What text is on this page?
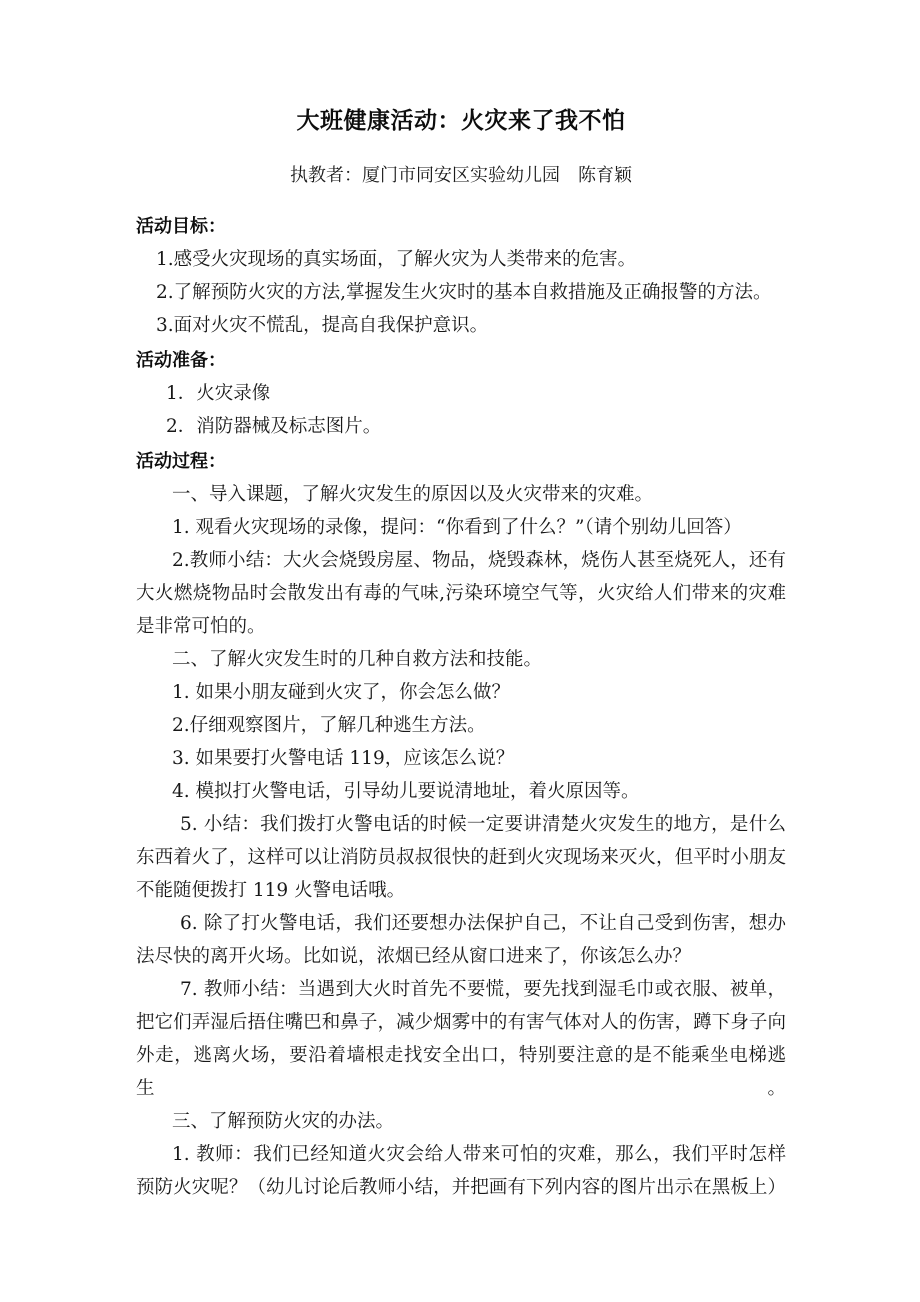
大班健康活动：火灾来了我不怕

执教者：厦门市同安区实验幼儿园　陈育颖

活动目标：

1.感受火灾现场的真实场面，了解火灾为人类带来的危害。

2.了解预防火灾的方法,掌握发生火灾时的基本自救措施及正确报警的方法。

3.面对火灾不慌乱，提高自我保护意识。

活动准备：

1．火灾录像

2．消防器械及标志图片。

活动过程：

一、导入课题，了解火灾发生的原因以及火灾带来的灾难。

1. 观看火灾现场的录像，提问：“你看到了什么？”（请个别幼儿回答）

2.教师小结：大火会烧毁房屋、物品，烧毁森林，烧伤人甚至烧死人，还有大火燃烧物品时会散发出有毒的气味,污染环境空气等，火灾给人们带来的灾难是非常可怕的。

二、了解火灾发生时的几种自救方法和技能。

1. 如果小朋友碰到火灾了，你会怎么做？

2.仔细观察图片，了解几种逃生方法。

3. 如果要打火警电话 119，应该怎么说？

4. 模拟打火警电话，引导幼儿要说清地址，着火原因等。

5. 小结：我们拨打火警电话的时候一定要讲清楚火灾发生的地方，是什么东西着火了，这样可以让消防员叔叔很快的赶到火灾现场来灭火，但平时小朋友不能随便拨打 119 火警电话哦。

6. 除了打火警电话，我们还要想办法保护自己，不让自己受到伤害，想办法尽快的离开火场。比如说，浓烟已经从窗口进来了，你该怎么办？

7. 教师小结：当遇到大火时首先不要慌，要先找到湿毛巾或衣服、被单，把它们弄湿后捂住嘴巴和鼻子，减少烟雾中的有害气体对人的伤害，蹲下身子向外走，逃离火场，要沿着墙根走找安全出口，特别要注意的是不能乘坐电梯逃生。

三、了解预防火灾的办法。

1. 教师：我们已经知道火灾会给人带来可怕的灾难，那么，我们平时怎样预防火灾呢？（幼儿讨论后教师小结，并把画有下列内容的图片出示在黑板上）
